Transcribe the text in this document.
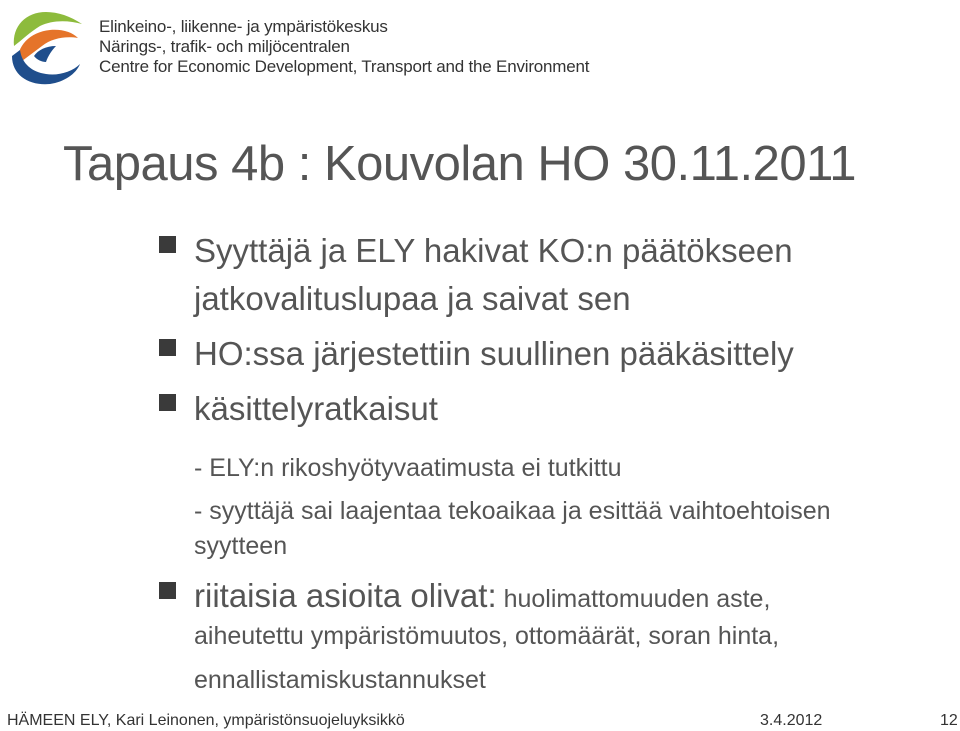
Elinkeino-, liikenne- ja ympäristökeskus
Närings-, trafik- och miljöcentralen
Centre for Economic Development, Transport and the Environment
Tapaus 4b : Kouvolan HO 30.11.2011
Syyttäjä ja ELY hakivat KO:n päätökseen
jatkovalituslupaa ja saivat sen
HO:ssa järjestettiin suullinen pääkäsittely
käsittelyratkaisut
- ELY:n rikoshyötyvaatimusta ei tutkittu
- syyttäjä sai laajentaa tekoaikaa ja esittää vaihtoehtoisen
syytteen
riitaisia asioita olivat: huolimattomuuden aste,
aiheutettu ympäristömuutos, ottomäärät, soran hinta,
ennallistamiskustannukset
HÄMEEN ELY, Kari Leinonen, ympäristönsuojeluyksikkö	3.4.2012	12
